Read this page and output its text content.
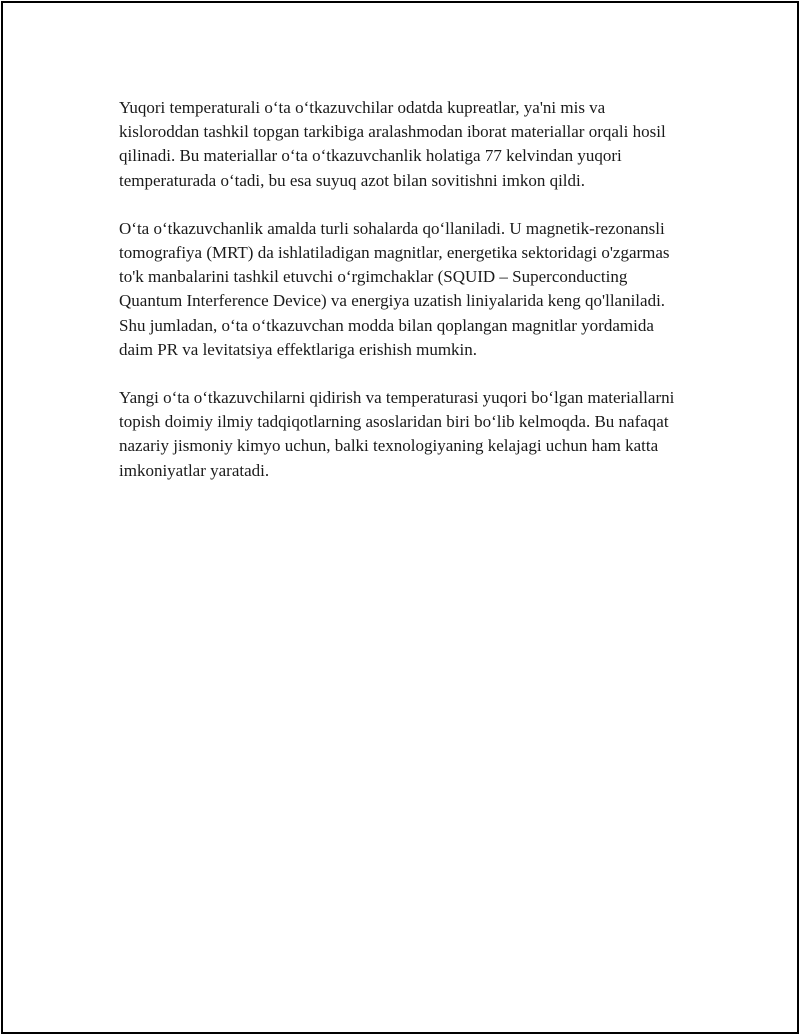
Yuqori temperaturali o‘ta o‘tkazuvchilar odatda kupreatlar, ya'ni mis va kisloroddan tashkil topgan tarkibiga aralashmodan iborat materiallar orqali hosil qilinadi. Bu materiallar o‘ta o‘tkazuvchanlik holatiga 77 kelvindan yuqori temperaturada o‘tadi, bu esa suyuq azot bilan sovitishni imkon qildi.

O‘ta o‘tkazuvchanlik amalda turli sohalarda qo‘llaniladi. U magnetik-rezonansli tomografiya (MRT) da ishlatiladigan magnitlar, energetika sektoridagi o'zgarmas to'k manbalarini tashkil etuvchi o‘rgimchaklar (SQUID – Superconducting Quantum Interference Device) va energiya uzatish liniyalarida keng qo'llaniladi. Shu jumladan, o‘ta o‘tkazuvchan modda bilan qoplangan magnitlar yordamida daim PR va levitatsiya effektlariga erishish mumkin.

Yangi o‘ta o‘tkazuvchilarni qidirish va temperaturasi yuqori bo‘lgan materiallarni topish doimiy ilmiy tadqiqotlarning asoslaridan biri bo‘lib kelmoqda. Bu nafaqat nazariy jismoniy kimyo uchun, balki texnologiyaning kelajagi uchun ham katta imkoniyatlar yaratadi.
